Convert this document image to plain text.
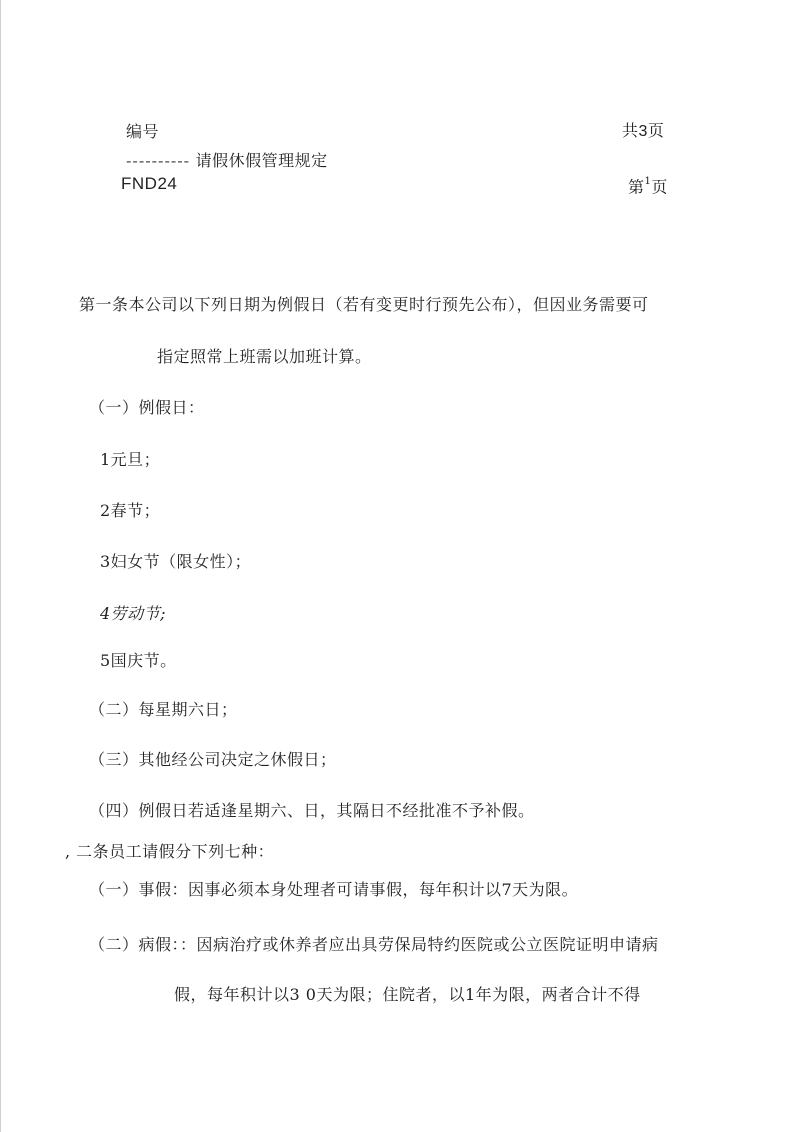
编号	共3页
---------- 请假休假管理规定
FND24	第$^1$页
第一条本公司以下列日期为例假日（若有变更时行预先公布），但因业务需要可
指定照常上班需以加班计算。
（一）例假日：
1元旦；
2春节；
3妇女节（限女性）；
4劳动节;
5国庆节。
（二）每星期六日；
（三）其他经公司决定之休假日；
（四）例假日若适逢星期六、日，其隔日不经批准不予补假。
, 二条员工请假分下列七种：
（一）事假：因事必须本身处理者可请事假，每年积计以7天为限。
（二）病假：：因病治疗或休养者应出具劳保局特约医院或公立医院证明申请病
假，每年积计以3 0天为限；住院者，以1年为限，两者合计不得
